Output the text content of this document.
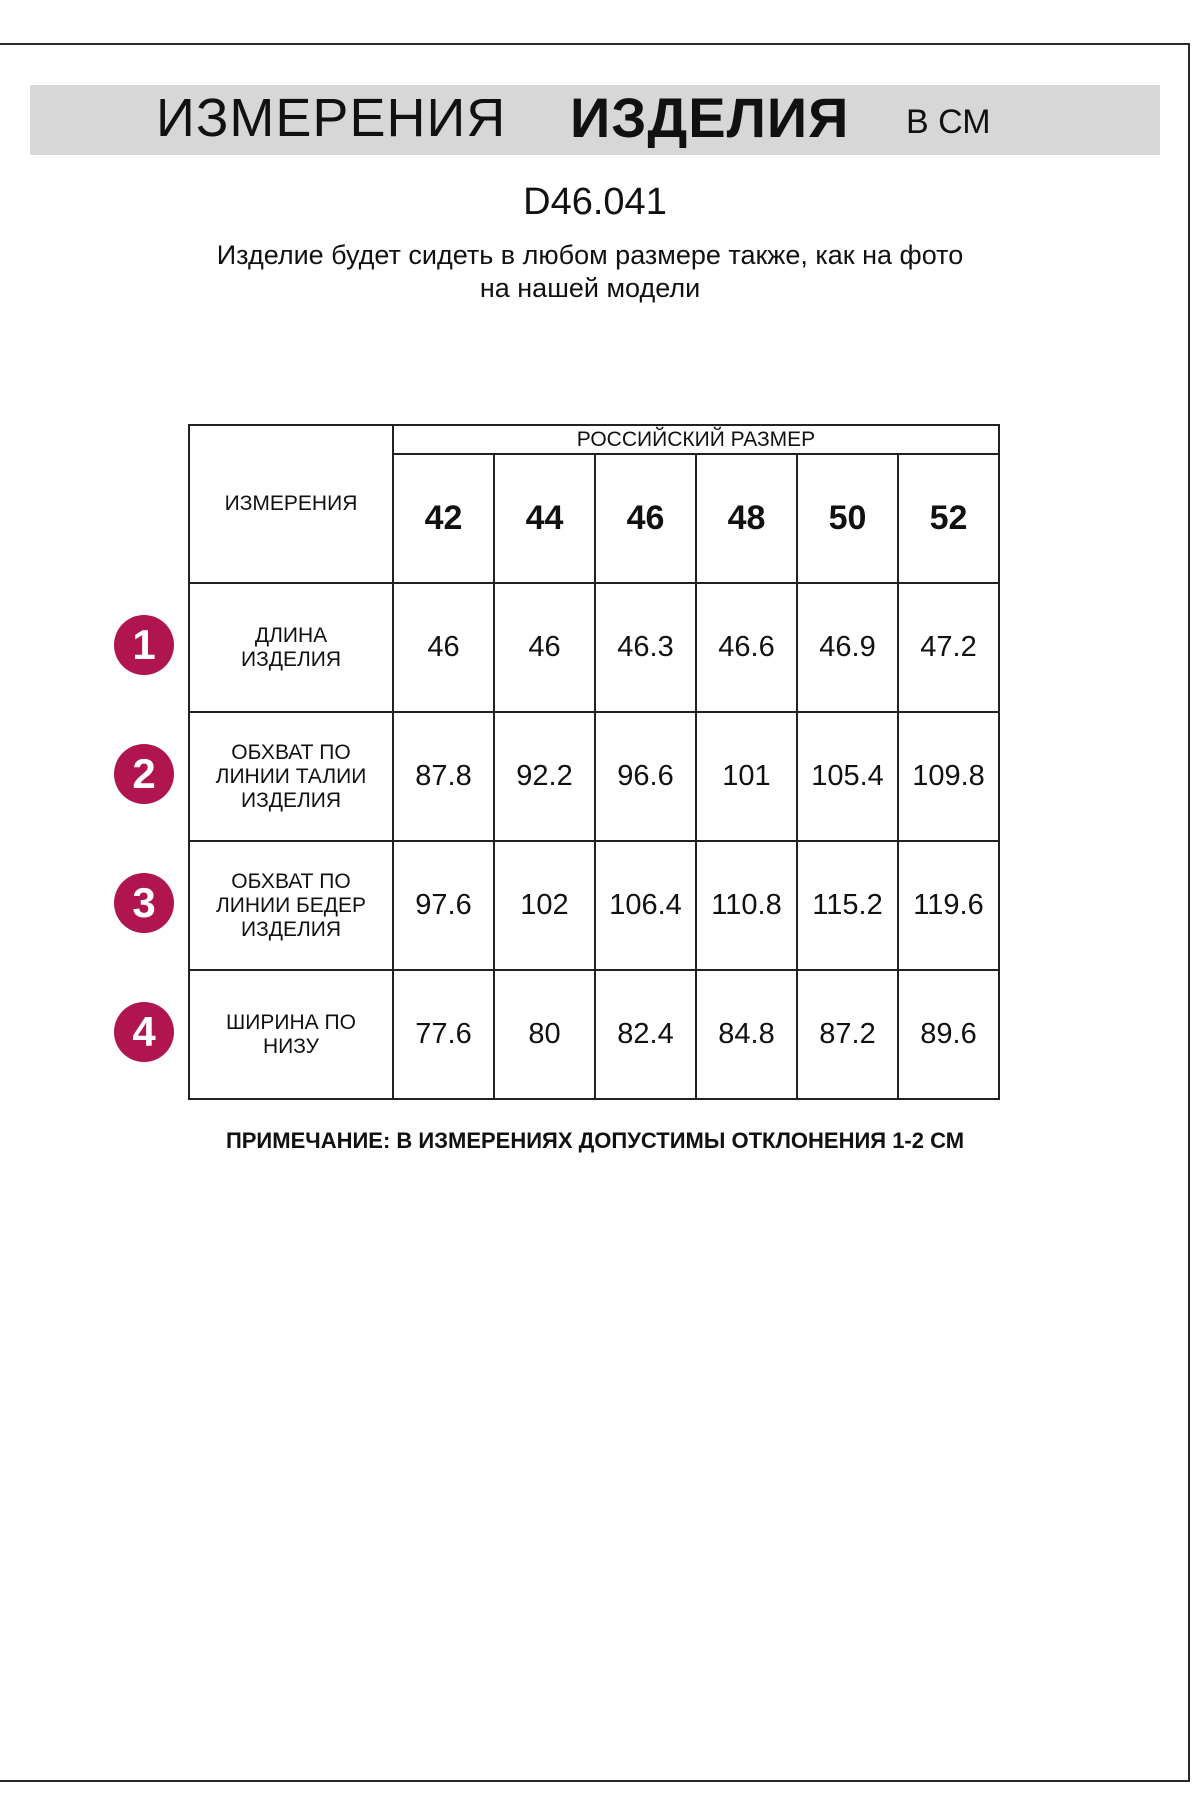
ИЗМЕРЕНИЯ ИЗДЕЛИЯ В СМ
D46.041
Изделие будет сидеть в любом размере также, как на фото
на нашей модели
ИЗМЕРЕНИЯ	РОССИЙСКИЙ РАЗМЕР					
	42	44	46	48	50	52
ДЛИНА ИЗДЕЛИЯ	46	46	46.3	46.6	46.9	47.2
ОБХВАТ ПО ЛИНИИ ТАЛИИ ИЗДЕЛИЯ	87.8	92.2	96.6	101	105.4	109.8
ОБХВАТ ПО ЛИНИИ БЕДЕР ИЗДЕЛИЯ	97.6	102	106.4	110.8	115.2	119.6
ШИРИНА ПО НИЗУ	77.6	80	82.4	84.8	87.2	89.6
1
2
3
4
ПРИМЕЧАНИЕ: В ИЗМЕРЕНИЯХ ДОПУСТИМЫ ОТКЛОНЕНИЯ 1-2 СМ
